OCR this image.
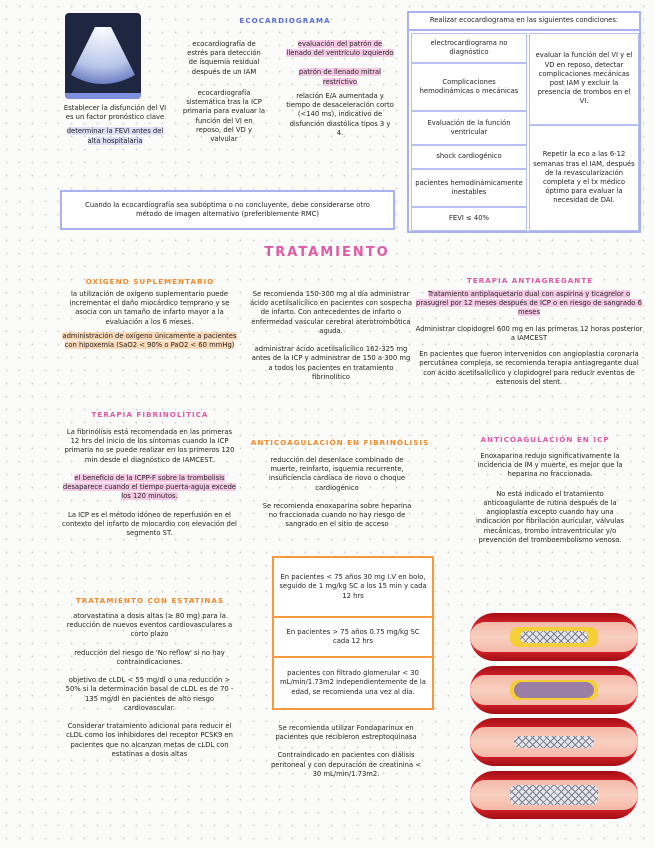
Establecer la disfunción del VI es un factor pronóstico clave
determinar la FEVI antes del alta hospitalaria
ECOCARDIOGRAMA
ecocardiografía de estrés para detección de isquemia residual después de un IAM
ecocardiografía sistemática tras la ICP primaria para evaluar la función del VI en reposo, del VD y valvular
evaluación del patrón de llenado del ventrículo izquierdo
patrón de llenado mitral restrictivo
relación E/A aumentada y tiempo de desaceleración corto (<140 ms), indicativo de disfunción diastólica tipos 3 y 4.
Cuando la ecocardiografía sea subóptima o no concluyente, debe considerarse otro método de imagen alternativo (preferiblemente RMC)
Realizar ecocardiograma en las siguientes condiciones:
electrocardiograma no diagnóstico
Complicaciones hemodinámicas o mecánicas
Evaluación de la función ventricular
shock cardiogénico
pacientes hemodinámicamente inestables
FEVI ≤ 40%
evaluar la función del VI y el VD en reposo, detectar complicaciones mecánicas post IAM y excluir la presencia de trombos en el VI.
Repetir la eco a las 6-12 semanas tras el IAM, después de la revascularización completa y el tx médico óptimo para evaluar la necesidad de DAI.
TRATAMIENTO
OXÍGENO SUPLEMENTARIO
la utilización de oxígeno suplementario puede incrementar el daño miocárdico temprano y se asocia con un tamaño de infarto mayor a la evaluación a los 6 meses.
administración de oxígeno únicamente a pacientes con hipoxemia (SaO2 < 90% o PaO2 < 60 mmHg)
TERAPIA FIBRINOLÍTICA
La fibrinólisis está recomendada en las primeras 12 hrs del inicio de los síntomas cuando la ICP primaria no se puede realizar en los primeros 120 min desde el diagnóstico de IAMCEST.
el beneficio de la ICPP-F sobre la trombolisis desaparece cuando el tiempo puerta-aguja excede los 120 minutos.
La ICP es el método idóneo de reperfusión en el contexto del infarto de miocardio con elevación del segmento ST.
TRATAMIENTO CON ESTATINAS
atorvastatina a dosis altas (≥ 80 mg) para la reducción de nuevos eventos cardiovasculares a corto plazo
reducción del riesgo de 'No reflow' si no hay contraindicaciones.
objetivo de cLDL < 55 mg/dl o una reducción > 50% si la determinación basal de cLDL es de 70 - 135 mg/dl en pacientes de alto riesgo cardiovascular.
Considerar tratamiento adicional para reducir el cLDL como los inhibidores del receptor PCSK9 en pacientes que no alcanzan metas de cLDL con estatinas a dosis altas
Se recomienda 150-300 mg al día administrar ácido acetilsalicílico en pacientes con sospecha de infarto. Con antecedentes de infarto o enfermedad vascular cerebral aterotrombótica aguda.
administrar ácido acetilsalicílico 162-325 mg antes de la ICP y administrar de 150 a 300 mg a todos los pacientes en tratamiento fibrinolítico
ANTICOAGULACIÓN EN FIBRINÓLISIS
reducción del desenlace combinado de muerte, reinfarto, isquemia recurrente, insuficiencia cardíaca de novo o choque cardiogénico
Se recomienda enoxaparina sobre heparina no fraccionada cuando no hay riesgo de sangrado en el sitio de acceso
En pacientes < 75 años 30 mg I.V en bolo, seguido de 1 mg/kg SC a los 15 min y cada 12 hrs
En pacientes > 75 años 0.75 mg/kg SC cada 12 hrs
pacientes con filtrado glomerular < 30 mL/min/1.73m2 independientemente de la edad, se recomienda una vez al día.
Se recomienda utilizar Fondaparinux en pacientes que recibieron estreptoquinasa
Contraindicado en pacientes con diálisis peritoneal y con depuración de creatinina < 30 mL/min/1.73m2.
TERAPIA ANTIAGREGANTE
Tratamiento antiplaquetario dual con aspirina y ticagrelor o prasugrel por 12 meses después de ICP o en riesgo de sangrado 6 meses
Administrar clopidogrel 600 mg en las primeras 12 horas posterior a IAMCEST
En pacientes que fueron intervenidos con angioplastia coronaria percutánea compleja, se recomienda terapia antiagregante dual con ácido acetilsalicílico y clopidogrel para reducir eventos de estenosis del stent.
ANTICOAGULACIÓN EN ICP
Enoxaparina redujo significativamente la incidencia de IM y muerte, es mejor que la heparina no fraccionada.
No está indicado el tratamiento anticoagulante de rutina después de la angioplastía excepto cuando hay una indicación por fibrilación auricular, válvulas mecánicas, trombo intraventricular y/o prevención del tromboembolismo venoso.
